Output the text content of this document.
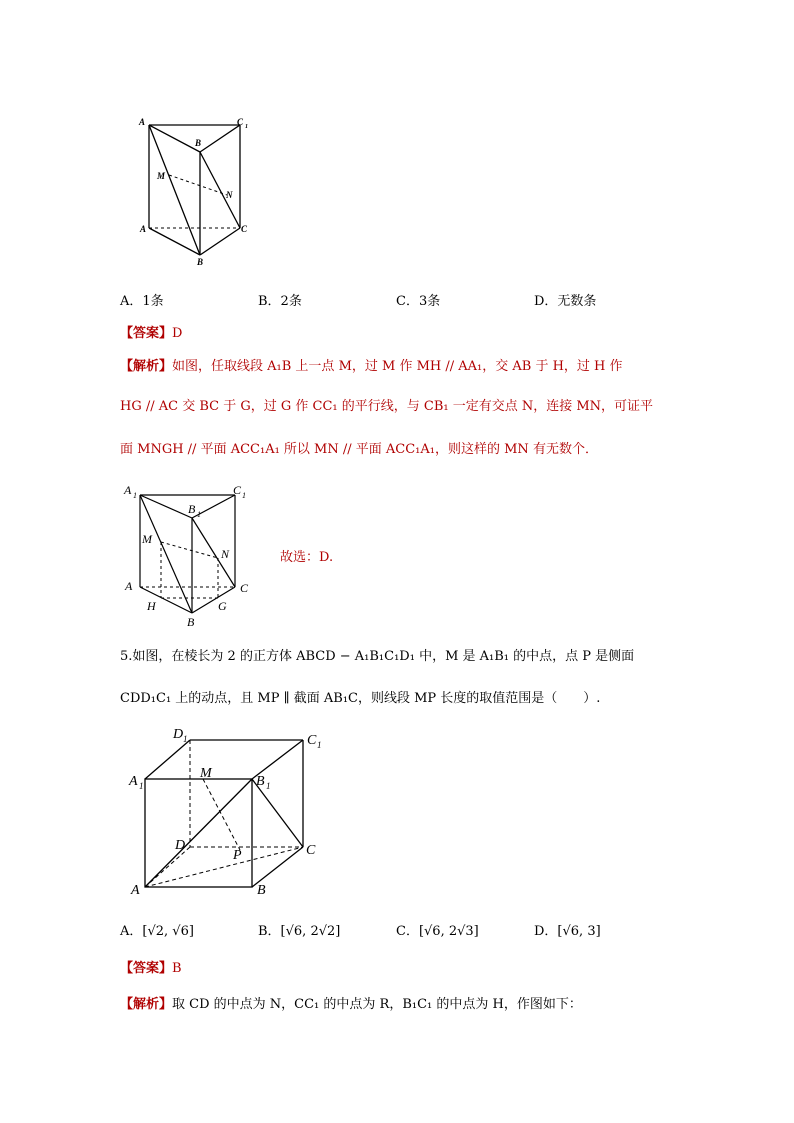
A	C 1
B
M
N
A	C
B
A．1条	B．2条	C．3条	D．无数条
【答案】D
【解析】如图，任取线段 A₁B 上一点 M，过 M 作 MH // AA₁，交 AB 于 H，过 H 作
HG // AC 交 BC 于 G，过 G 作 CC₁ 的平行线，与 CB₁ 一定有交点 N，连接 MN，可证平
面 MNGH // 平面 ACC₁A₁ 所以 MN // 平面 ACC₁A₁，则这样的 MN 有无数个．
A 1	C 1
B 1
M
N
A	C
H	G
B
故选：D.
5.如图，在棱长为 2 的正方体 ABCD − A₁B₁C₁D₁ 中，M 是 A₁B₁ 的中点，点 P 是侧面
CDD₁C₁ 上的动点，且 MP ∥ 截面 AB₁C，则线段 MP 长度的取值范围是（　　）.
D 1	C 1
A 1
M
B 1
D
P	C
A	B
A．[√2, √6]	B．[√6, 2√2]	C．[√6, 2√3]	D．[√6, 3]
【答案】B
【解析】取 CD 的中点为 N，CC₁ 的中点为 R，B₁C₁ 的中点为 H，作图如下：
